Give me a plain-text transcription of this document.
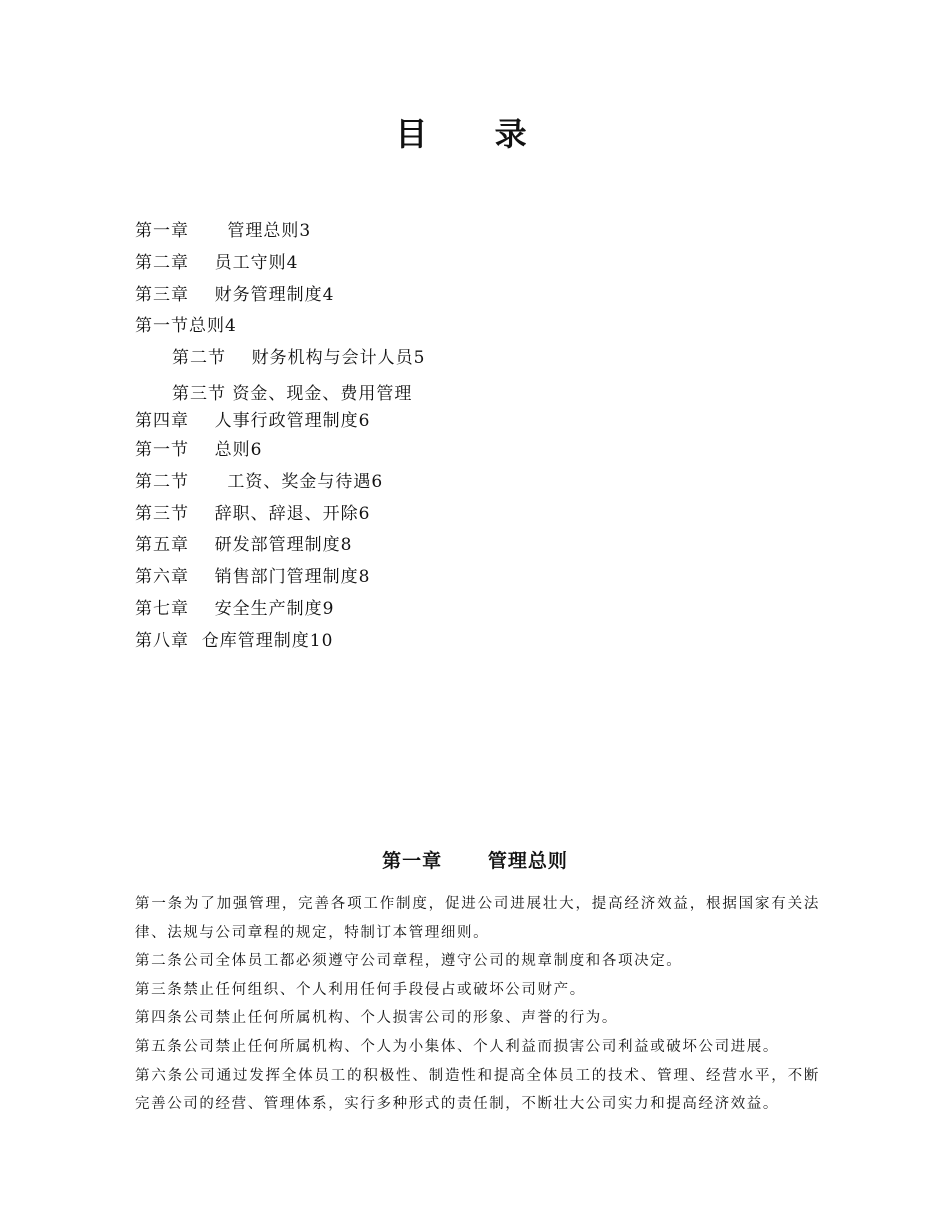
目 录
第一章      管理总则3
第二章    员工守则4
第三章    财务管理制度4
第一节总则4
第二节    财务机构与会计人员5
第三节 资金、现金、费用管理
第四章    人事行政管理制度6
第一节    总则6
第二节      工资、奖金与待遇6
第三节    辞职、辞退、开除6
第五章    研发部管理制度8
第六章    销售部门管理制度8
第七章    安全生产制度9
第八章  仓库管理制度10
第一章      管理总则

第一条为了加强管理，完善各项工作制度，促进公司进展壮大，提高经济效益，根据国家有关法律、法规与公司章程的规定，特制订本管理细则。

第二条公司全体员工都必须遵守公司章程，遵守公司的规章制度和各项决定。

第三条禁止任何组织、个人利用任何手段侵占或破坏公司财产。

第四条公司禁止任何所属机构、个人损害公司的形象、声誉的行为。

第五条公司禁止任何所属机构、个人为小集体、个人利益而损害公司利益或破坏公司进展。

第六条公司通过发挥全体员工的积极性、制造性和提高全体员工的技术、管理、经营水平，不断完善公司的经营、管理体系，实行多种形式的责任制，不断壮大公司实力和提高经济效益。
